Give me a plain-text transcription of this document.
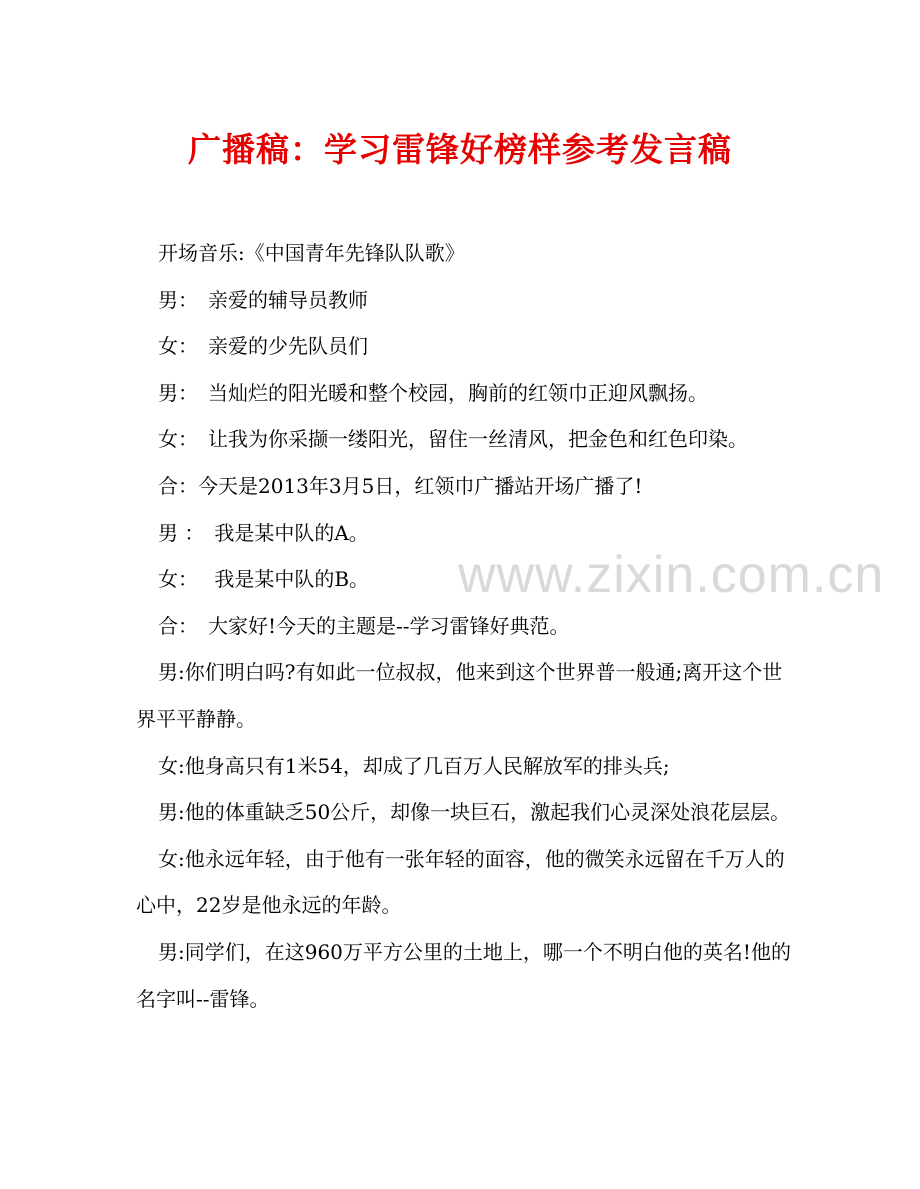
广播稿：学习雷锋好榜样参考发言稿

开场音乐:《中国青年先锋队队歌》

男：　亲爱的辅导员教师

女：　亲爱的少先队员们

男：　当灿烂的阳光暖和整个校园，胸前的红领巾正迎风飘扬。

女：　让我为你采撷一缕阳光，留住一丝清风，把金色和红色印染。

合：今天是2013年3月5日，红领巾广播站开场广播了!

男 ：　我是某中队的A。

女：　 我是某中队的B。

合：　大家好!今天的主题是--学习雷锋好典范。

男:你们明白吗?有如此一位叔叔，他来到这个世界普一般通;离开这个世界平平静静。

女:他身高只有1米54，却成了几百万人民解放军的排头兵;

男:他的体重缺乏50公斤，却像一块巨石，激起我们心灵深处浪花层层。

女:他永远年轻，由于他有一张年轻的面容，他的微笑永远留在千万人的心中，22岁是他永远的年龄。

男:同学们，在这960万平方公里的土地上，哪一个不明白他的英名!他的名字叫--雷锋。

www.zixin.com.cn
